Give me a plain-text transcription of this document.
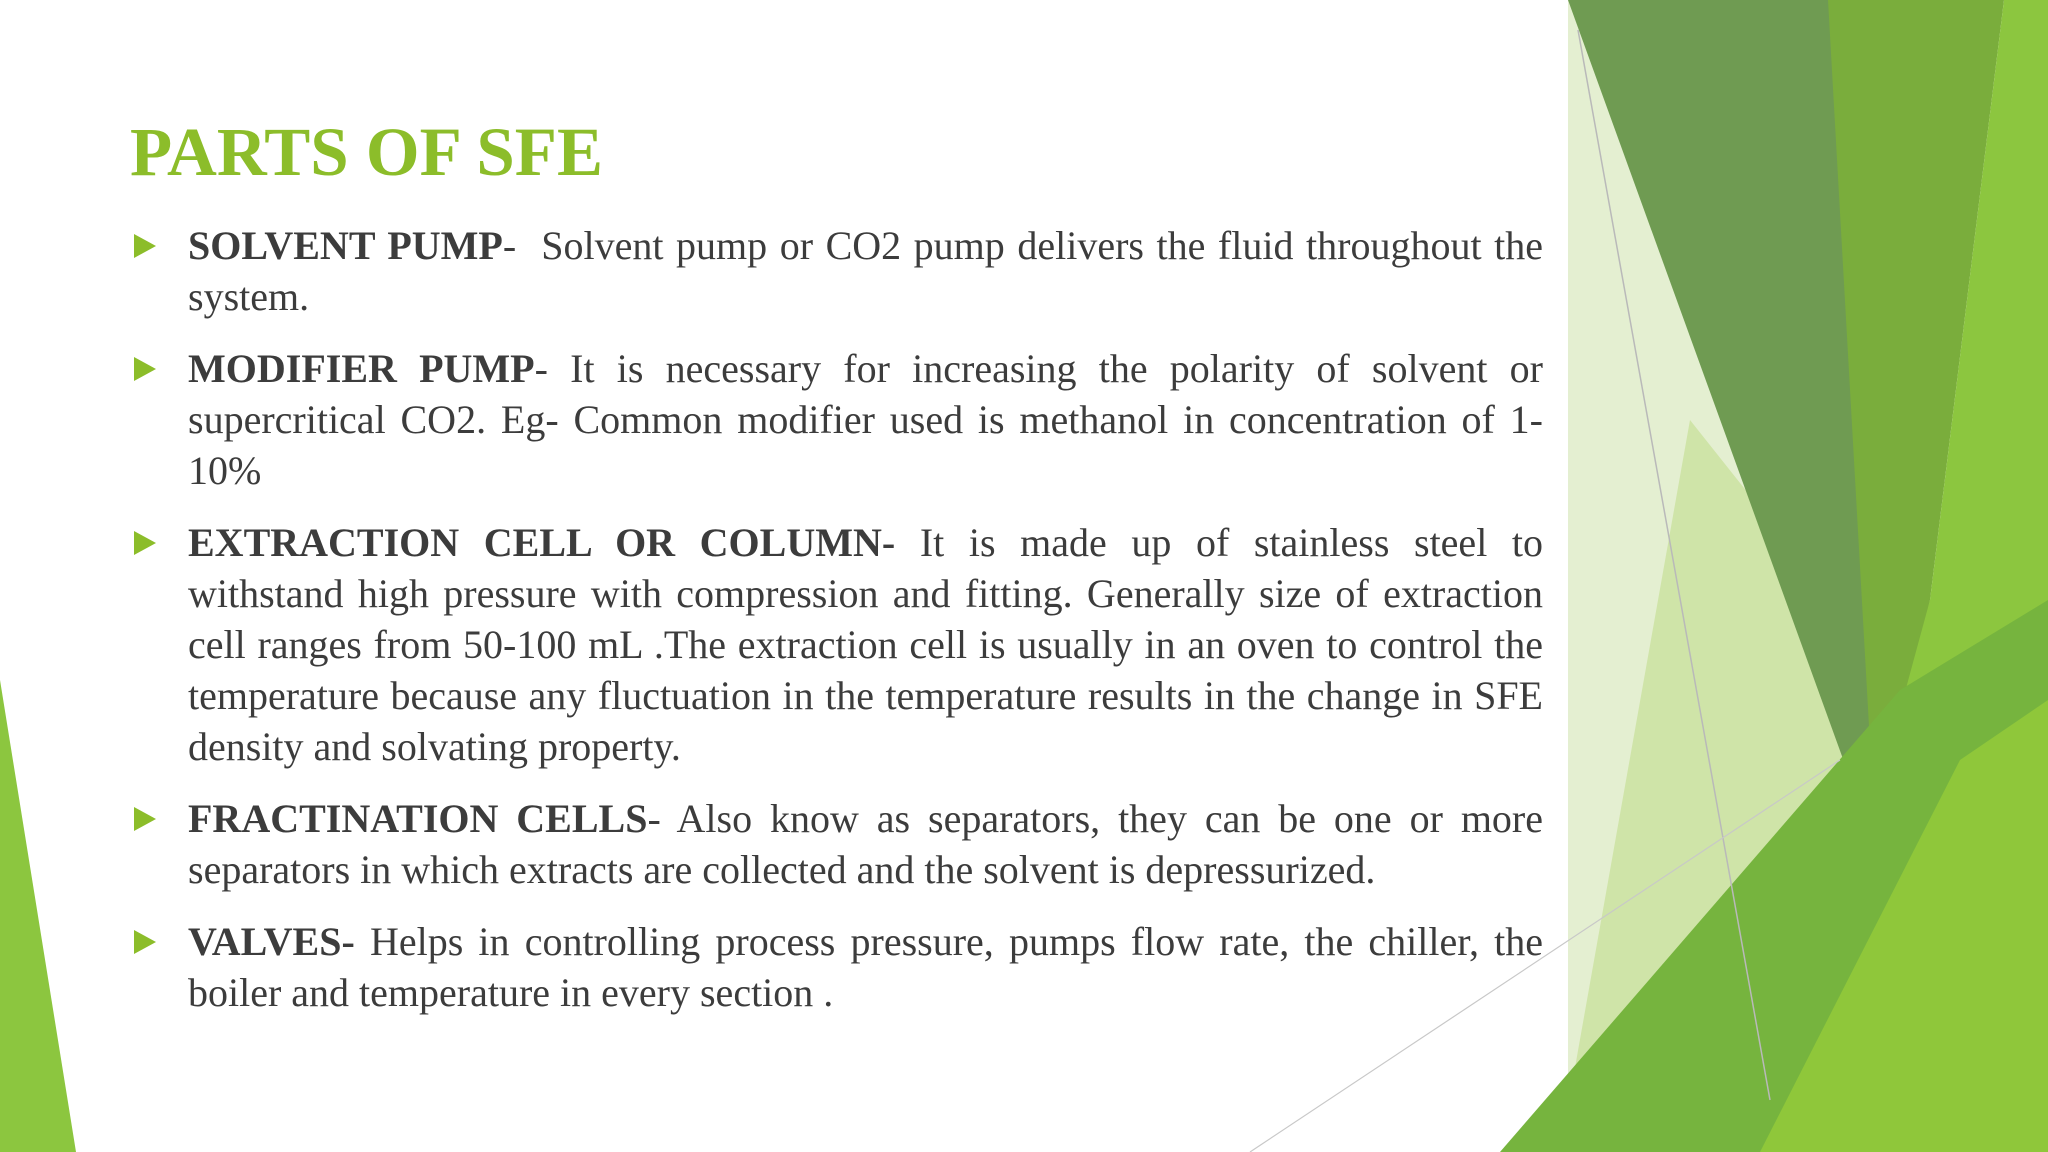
PARTS OF SFE
SOLVENT PUMP-  Solvent pump or CO2 pump delivers the fluid throughout the system.
MODIFIER PUMP- It is necessary for increasing the polarity of solvent or supercritical CO2. Eg- Common modifier used is methanol in concentration of 1-10%
EXTRACTION CELL OR COLUMN- It is made up of stainless steel to withstand high pressure with compression and fitting. Generally size of extraction cell ranges from 50-100 mL .The extraction cell is usually in an oven to control the temperature because any fluctuation in the temperature results in the change in SFE density and solvating property.
FRACTINATION CELLS- Also know as separators, they can be one or more separators in which extracts are collected and the solvent is depressurized.
VALVES- Helps in controlling process pressure, pumps flow rate, the chiller, the boiler and temperature in every section .
